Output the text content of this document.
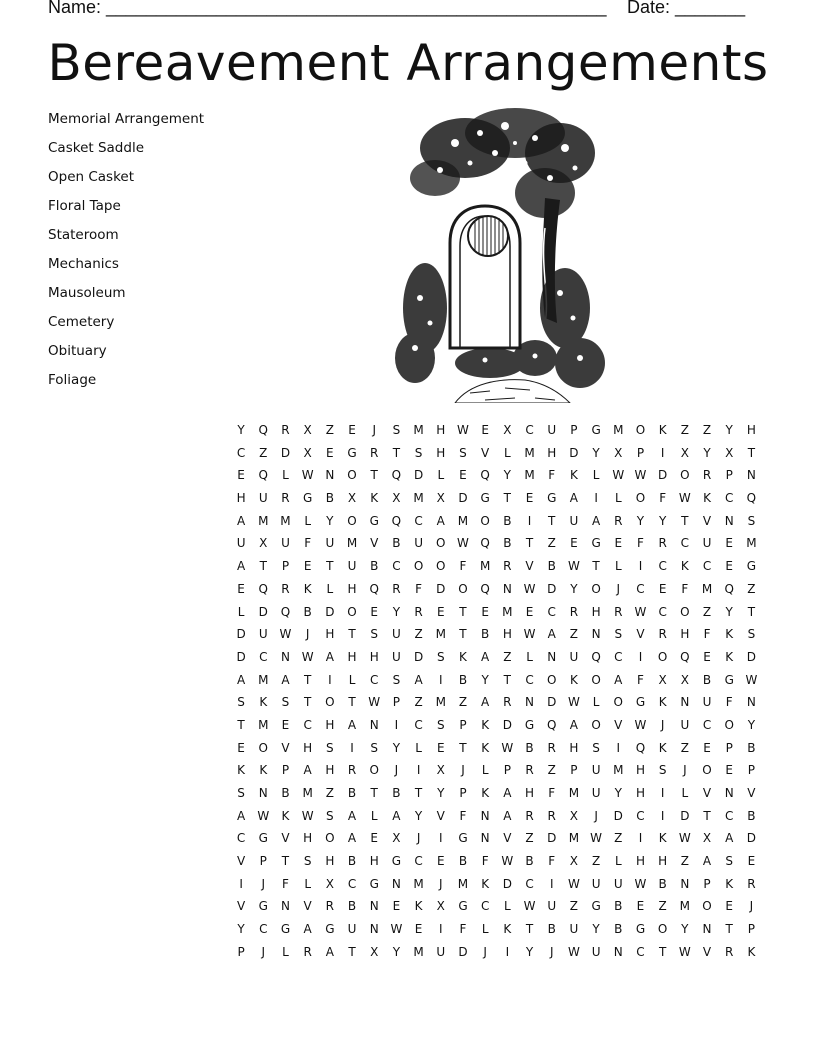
Name: __________________________________________________ Date: _______
Bereavement Arrangements
Memorial Arrangement
Casket Saddle
Open Casket
Floral Tape
Stateroom
Mechanics
Mausoleum
Cemetery
Obituary
Foliage
Y Q R X Z E J S M H W E X C U P G M O K Z Z Y H
C Z D X E G R T S H S V L M H D Y X P I X Y X T
E Q L W N O T Q D L E Q Y M F K L W W D O R P N
H U R G B X K X M X D G T E G A I L O F W K C Q
A M M L Y O G Q C A M O B I T U A R Y Y T V N S
U X U F U M V B U O W Q B T Z E G E F R C U E M
A T P E T U B C O O F M R V B W T L I C K C E G
E Q R K L H Q R F D O Q N W D Y O J C E F M Q Z
L D Q B D O E Y R E T E M E C R H R W C O Z Y T
D U W J H T S U Z M T B H W A Z N S V R H F K S
D C N W A H H U D S K A Z L N U Q C I O Q E K D
A M A T I L C S A I B Y T C O K O A F X X B G W
S K S T O T W P Z M Z A R N D W L O G K N U F N
T M E C H A N I C S P K D G Q A O V W J U C O Y
E O V H S I S Y L E T K W B R H S I Q K Z E P B
K K P A H R O J I X J L P R Z P U M H S J O E P
S N B M Z B T B T Y P K A H F M U Y H I L V N V
A W K W S A L A Y V F N A R R X J D C I D T C B
C G V H O A E X J I G N V Z D M W Z I K W X A D
V P T S H B H G C E B F W B F X Z L H H Z A S E
I J F L X C G N M J M K D C I W U U W B N P K R
V G N V R B N E K X G C L W U Z G B E Z M O E J
Y C G A G U N W E I F L K T B U Y B G O Y N T P
P J L R A T X Y M U D J I Y J W U N C T W V R K
